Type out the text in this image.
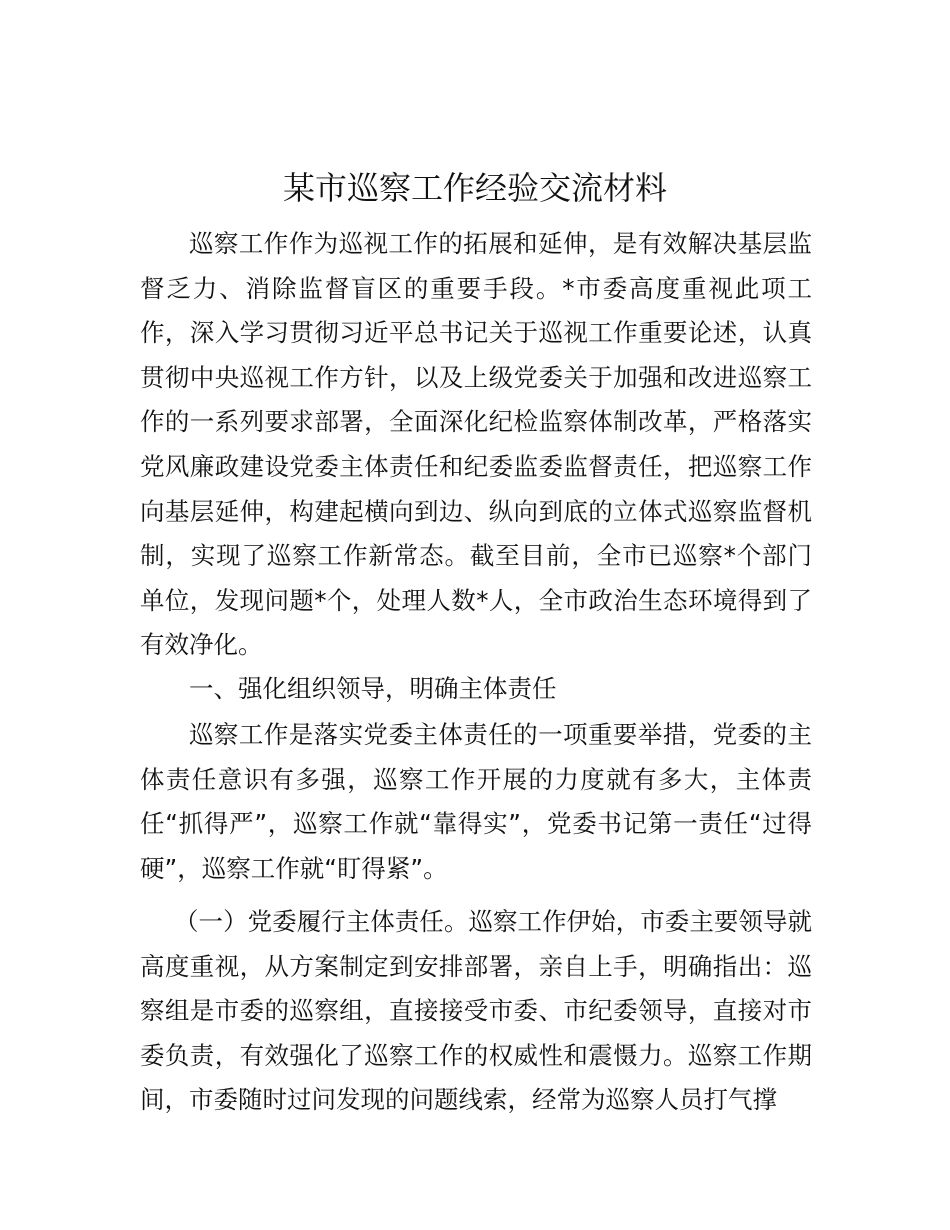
某市巡察工作经验交流材料

巡察工作作为巡视工作的拓展和延伸，是有效解决基层监督乏力、消除监督盲区的重要手段。*市委高度重视此项工作，深入学习贯彻习近平总书记关于巡视工作重要论述，认真贯彻中央巡视工作方针，以及上级党委关于加强和改进巡察工作的一系列要求部署，全面深化纪检监察体制改革，严格落实党风廉政建设党委主体责任和纪委监委监督责任，把巡察工作向基层延伸，构建起横向到边、纵向到底的立体式巡察监督机制，实现了巡察工作新常态。截至目前，全市已巡察*个部门单位，发现问题*个，处理人数*人，全市政治生态环境得到了有效净化。

一、强化组织领导，明确主体责任

巡察工作是落实党委主体责任的一项重要举措，党委的主体责任意识有多强，巡察工作开展的力度就有多大，主体责任“抓得严”，巡察工作就“靠得实”，党委书记第一责任“过得硬”，巡察工作就“盯得紧”。

（一）党委履行主体责任。巡察工作伊始，市委主要领导就高度重视，从方案制定到安排部署，亲自上手，明确指出：巡察组是市委的巡察组，直接接受市委、市纪委领导，直接对市委负责，有效强化了巡察工作的权威性和震慑力。巡察工作期间，市委随时过问发现的问题线索，经常为巡察人员打气撑
